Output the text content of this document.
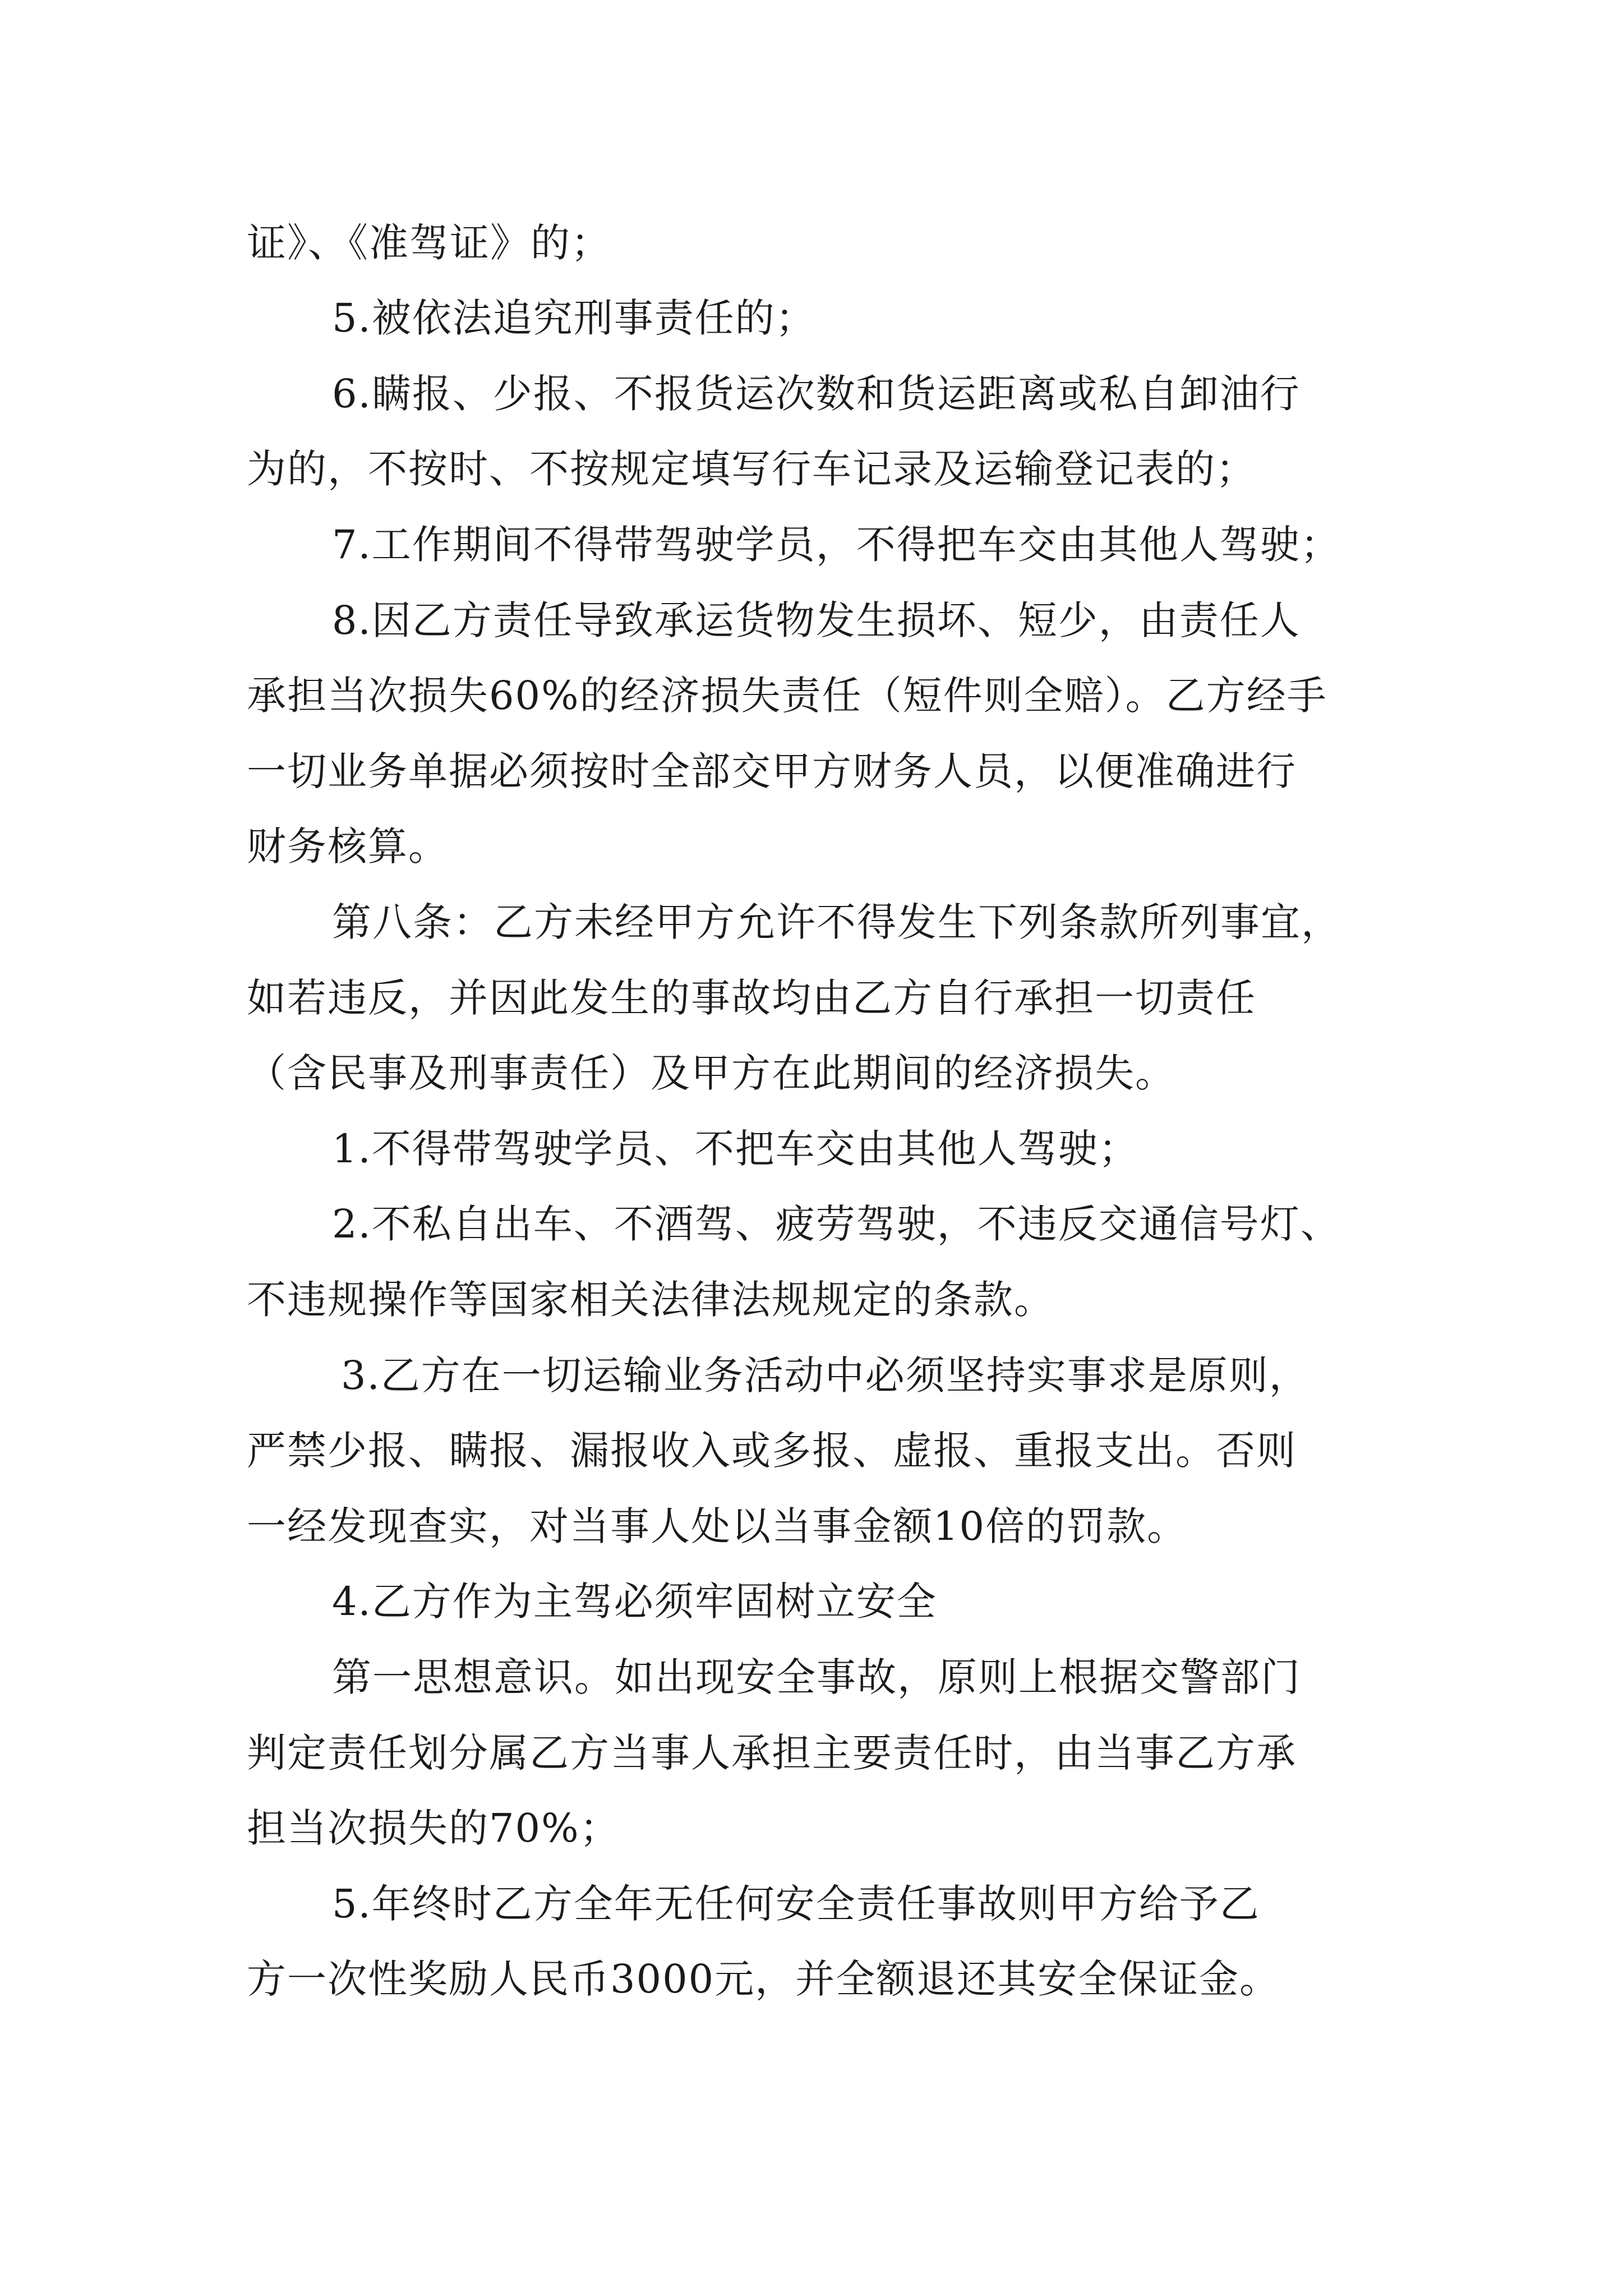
证》、《准驾证》的；
5.被依法追究刑事责任的；
6.瞒报、少报、不报货运次数和货运距离或私自卸油行
为的，不按时、不按规定填写行车记录及运输登记表的；
7.工作期间不得带驾驶学员，不得把车交由其他人驾驶；
8.因乙方责任导致承运货物发生损坏、短少，由责任人
承担当次损失60%的经济损失责任（短件则全赔）。乙方经手
一切业务单据必须按时全部交甲方财务人员，以便准确进行
财务核算。
第八条：乙方未经甲方允许不得发生下列条款所列事宜，
如若违反，并因此发生的事故均由乙方自行承担一切责任
（含民事及刑事责任）及甲方在此期间的经济损失。
1.不得带驾驶学员、不把车交由其他人驾驶；
2.不私自出车、不酒驾、疲劳驾驶，不违反交通信号灯、
不违规操作等国家相关法律法规规定的条款。
3.乙方在一切运输业务活动中必须坚持实事求是原则，
严禁少报、瞒报、漏报收入或多报、虚报、重报支出。否则
一经发现查实，对当事人处以当事金额10倍的罚款。
4.乙方作为主驾必须牢固树立安全
第一思想意识。如出现安全事故，原则上根据交警部门
判定责任划分属乙方当事人承担主要责任时，由当事乙方承
担当次损失的70%；
5.年终时乙方全年无任何安全责任事故则甲方给予乙
方一次性奖励人民币3000元，并全额退还其安全保证金。
